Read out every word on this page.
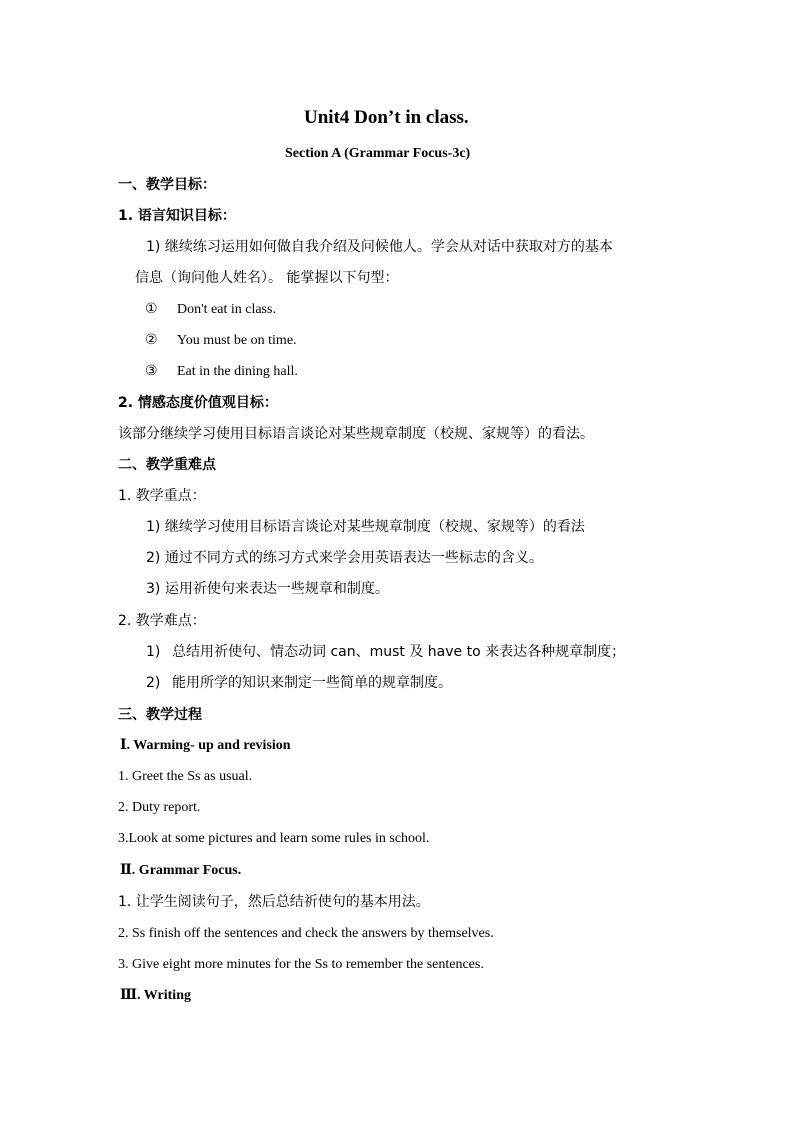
Unit4 Don’t in class.
Section A (Grammar Focus-3c)
一、教学目标：
1. 语言知识目标：
1) 继续练习运用如何做自我介绍及问候他人。学会从对话中获取对方的基本
信息（询问他人姓名）。 能掌握以下句型：
① Don't eat in class.
② You must be on time.
③ Eat in the dining hall.
2. 情感态度价值观目标：
该部分继续学习使用目标语言谈论对某些规章制度（校规、家规等）的看法。
二、教学重难点
1. 教学重点：
1) 继续学习使用目标语言谈论对某些规章制度（校规、家规等）的看法
2) 通过不同方式的练习方式来学会用英语表达一些标志的含义。
3) 运用祈使句来表达一些规章和制度。
2. 教学难点：
1) 总结用祈使句、情态动词 can、must 及 have to 来表达各种规章制度；
2) 能用所学的知识来制定一些简单的规章制度。
三、教学过程
Ⅰ. Warming- up and revision
1. Greet the Ss as usual.
2. Duty report.
3.Look at some pictures and learn some rules in school.
Ⅱ. Grammar Focus.
1. 让学生阅读句子，然后总结祈使句的基本用法。
2. Ss finish off the sentences and check the answers by themselves.
3. Give eight more minutes for the Ss to remember the sentences.
Ⅲ. Writing
